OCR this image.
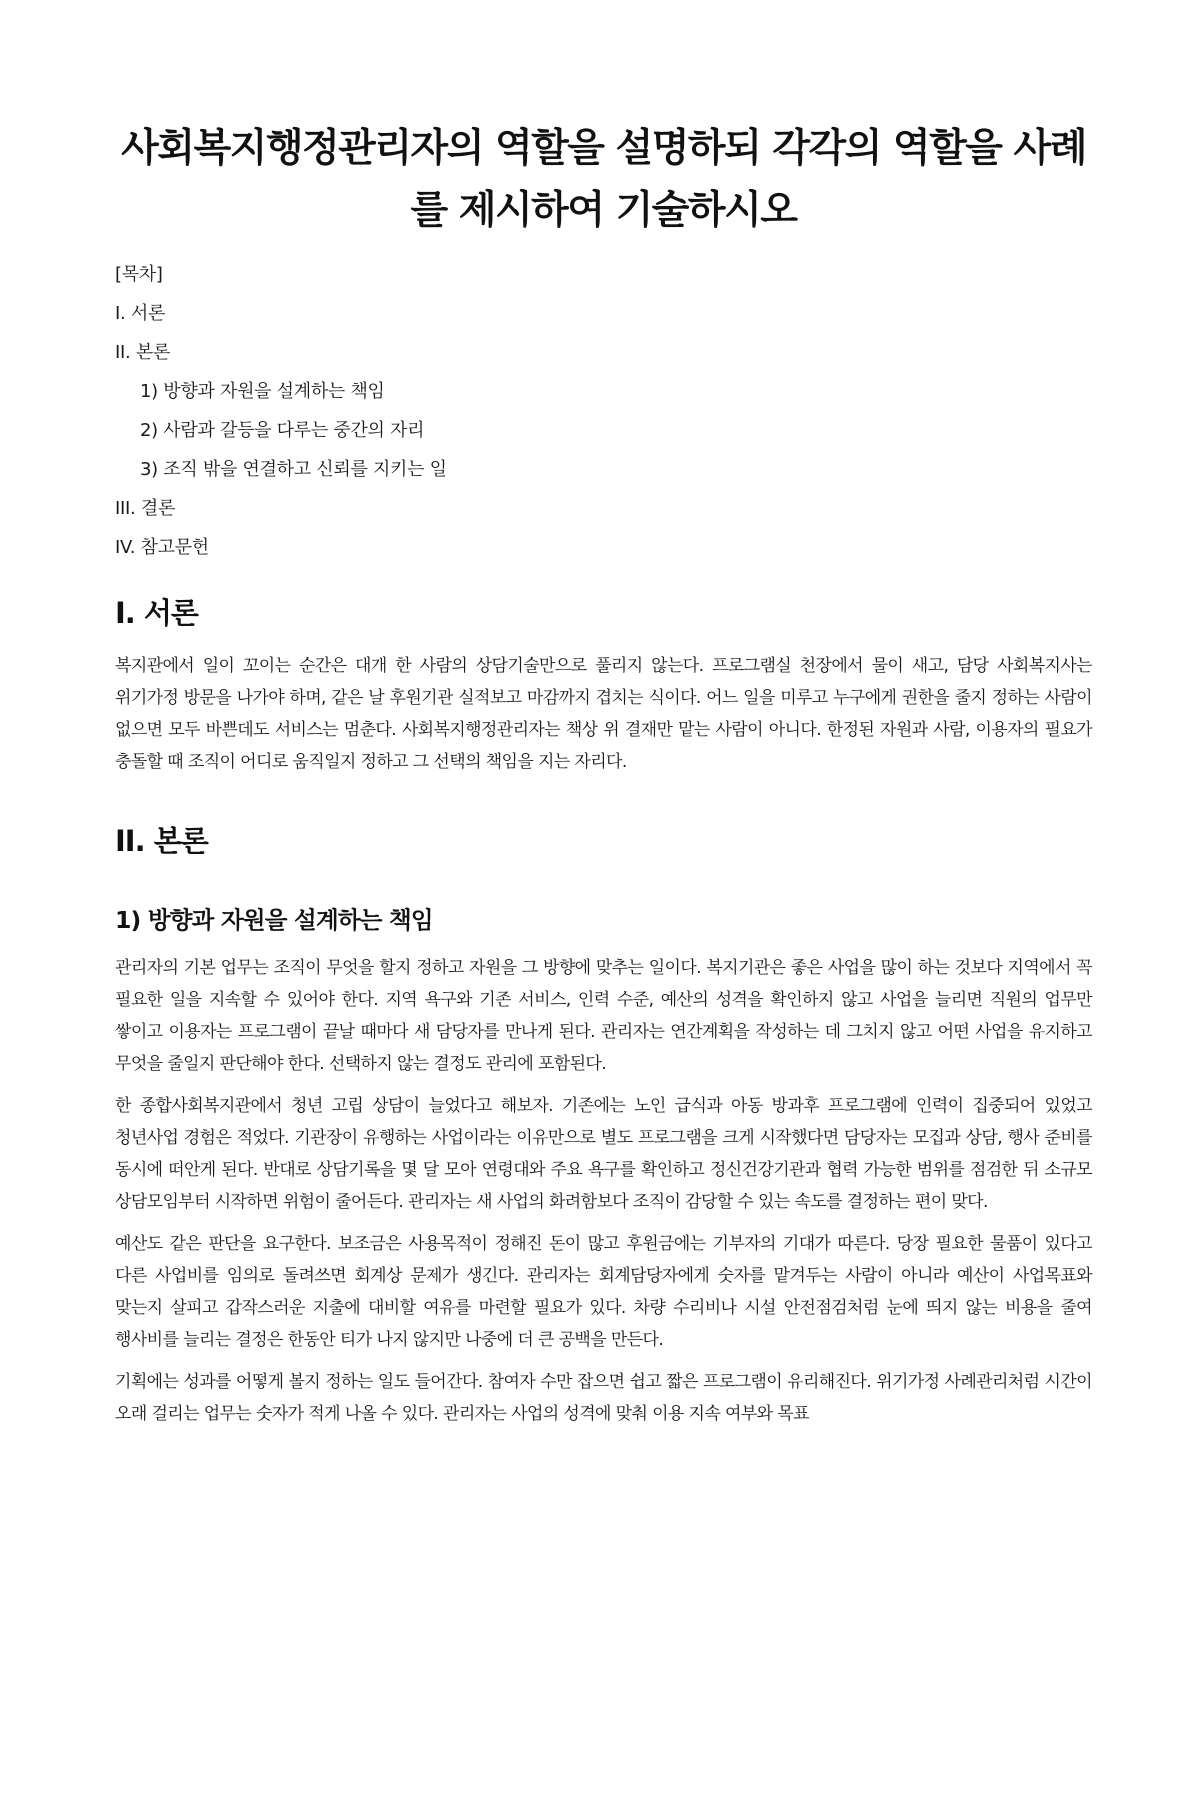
사회복지행정관리자의 역할을 설명하되 각각의 역할을 사례를 제시하여 기술하시오
[목차]
I. 서론
II. 본론
1) 방향과 자원을 설계하는 책임
2) 사람과 갈등을 다루는 중간의 자리
3) 조직 밖을 연결하고 신뢰를 지키는 일
III. 결론
IV. 참고문헌
I. 서론

복지관에서 일이 꼬이는 순간은 대개 한 사람의 상담기술만으로 풀리지 않는다. 프로그램실 천장에서 물이 새고, 담당 사회복지사는 위기가정 방문을 나가야 하며, 같은 날 후원기관 실적보고 마감까지 겹치는 식이다. 어느 일을 미루고 누구에게 권한을 줄지 정하는 사람이 없으면 모두 바쁜데도 서비스는 멈춘다. 사회복지행정관리자는 책상 위 결재만 맡는 사람이 아니다. 한정된 자원과 사람, 이용자의 필요가 충돌할 때 조직이 어디로 움직일지 정하고 그 선택의 책임을 지는 자리다.

II. 본론
1) 방향과 자원을 설계하는 책임

관리자의 기본 업무는 조직이 무엇을 할지 정하고 자원을 그 방향에 맞추는 일이다. 복지기관은 좋은 사업을 많이 하는 것보다 지역에서 꼭 필요한 일을 지속할 수 있어야 한다. 지역 욕구와 기존 서비스, 인력 수준, 예산의 성격을 확인하지 않고 사업을 늘리면 직원의 업무만 쌓이고 이용자는 프로그램이 끝날 때마다 새 담당자를 만나게 된다. 관리자는 연간계획을 작성하는 데 그치지 않고 어떤 사업을 유지하고 무엇을 줄일지 판단해야 한다. 선택하지 않는 결정도 관리에 포함된다.

한 종합사회복지관에서 청년 고립 상담이 늘었다고 해보자. 기존에는 노인 급식과 아동 방과후 프로그램에 인력이 집중되어 있었고 청년사업 경험은 적었다. 기관장이 유행하는 사업이라는 이유만으로 별도 프로그램을 크게 시작했다면 담당자는 모집과 상담, 행사 준비를 동시에 떠안게 된다. 반대로 상담기록을 몇 달 모아 연령대와 주요 욕구를 확인하고 정신건강기관과 협력 가능한 범위를 점검한 뒤 소규모 상담모임부터 시작하면 위험이 줄어든다. 관리자는 새 사업의 화려함보다 조직이 감당할 수 있는 속도를 결정하는 편이 맞다.

예산도 같은 판단을 요구한다. 보조금은 사용목적이 정해진 돈이 많고 후원금에는 기부자의 기대가 따른다. 당장 필요한 물품이 있다고 다른 사업비를 임의로 돌려쓰면 회계상 문제가 생긴다. 관리자는 회계담당자에게 숫자를 맡겨두는 사람이 아니라 예산이 사업목표와 맞는지 살피고 갑작스러운 지출에 대비할 여유를 마련할 필요가 있다. 차량 수리비나 시설 안전점검처럼 눈에 띄지 않는 비용을 줄여 행사비를 늘리는 결정은 한동안 티가 나지 않지만 나중에 더 큰 공백을 만든다.

기획에는 성과를 어떻게 볼지 정하는 일도 들어간다. 참여자 수만 잡으면 쉽고 짧은 프로그램이 유리해진다. 위기가정 사례관리처럼 시간이 오래 걸리는 업무는 숫자가 적게 나올 수 있다. 관리자는 사업의 성격에 맞춰 이용 지속 여부와 목표
